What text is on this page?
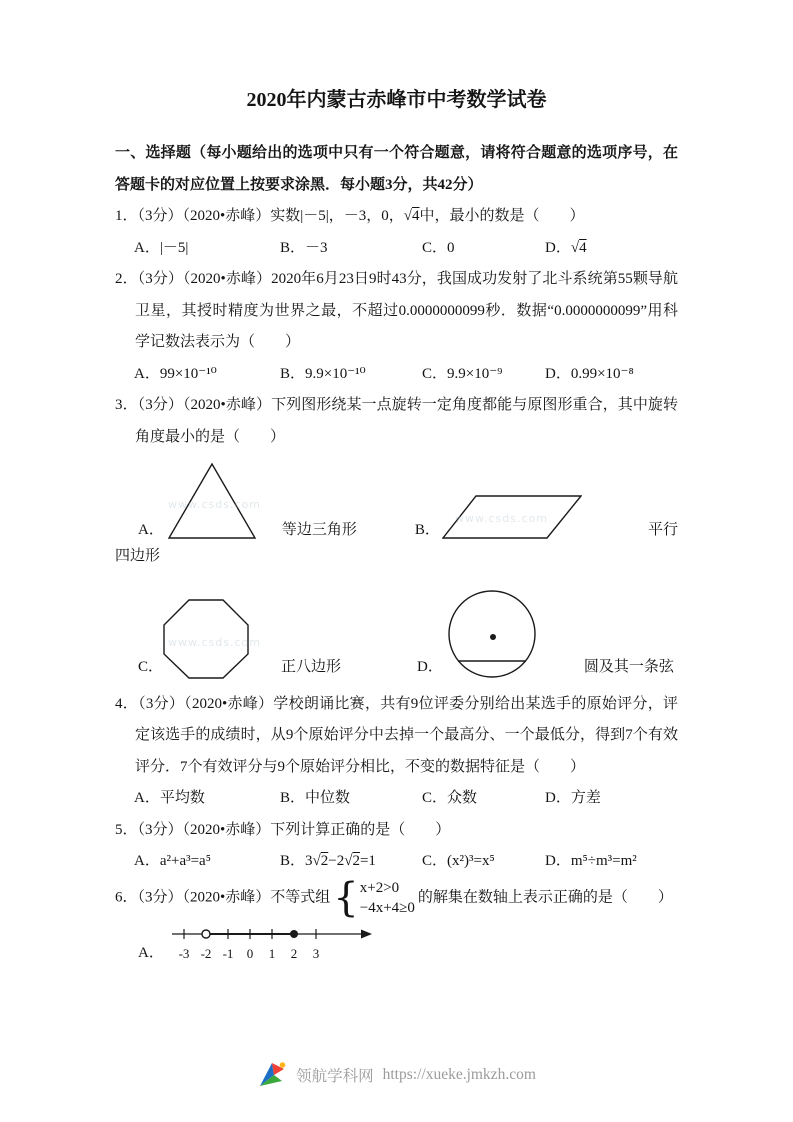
2020年内蒙古赤峰市中考数学试卷

一、选择题（每小题给出的选项中只有一个符合题意，请将符合题意的选项序号，在答题卡的对应位置上按要求涂黑．每小题3分，共42分）

1．（3分）（2020•赤峰）实数|－5|，－3，0，√4中，最小的数是（　　）

A．|－5|	B．－3	C．0	D．√4

2．（3分）（2020•赤峰）2020年6月23日9时43分，我国成功发射了北斗系统第55颗导航卫星，其授时精度为世界之最，不超过0.0000000099秒．数据“0.0000000099”用科学记数法表示为（　　）

A．99×10⁻¹⁰	B．9.9×10⁻¹⁰	C．9.9×10⁻⁹	D．0.99×10⁻⁸

3．（3分）（2020•赤峰）下列图形绕某一点旋转一定角度都能与原图形重合，其中旋转角度最小的是（　　）

A．	等边三角形	B．	平行

四边形

C．	正八边形	D．	圆及其一条弦

4．（3分）（2020•赤峰）学校朗诵比赛，共有9位评委分别给出某选手的原始评分，评定该选手的成绩时，从9个原始评分中去掉一个最高分、一个最低分，得到7个有效评分．7个有效评分与9个原始评分相比，不变的数据特征是（　　）

A．平均数	B．中位数	C．众数	D．方差

5．（3分）（2020•赤峰）下列计算正确的是（　　）

A．a²+a³=a⁵	B．3√2−2√2=1	C．(x²)³=x⁵	D．m⁵÷m³=m²

6．（3分）（2020•赤峰）不等式组 { x+2>0
−4x+4≥0
的解集在数轴上表示正确的是（　　）

A． -3 -2 -1 0 1 2 3
www.csds.com
www.csds.com
www.csds.com
领航学科网 https://xueke.jmkzh.com
